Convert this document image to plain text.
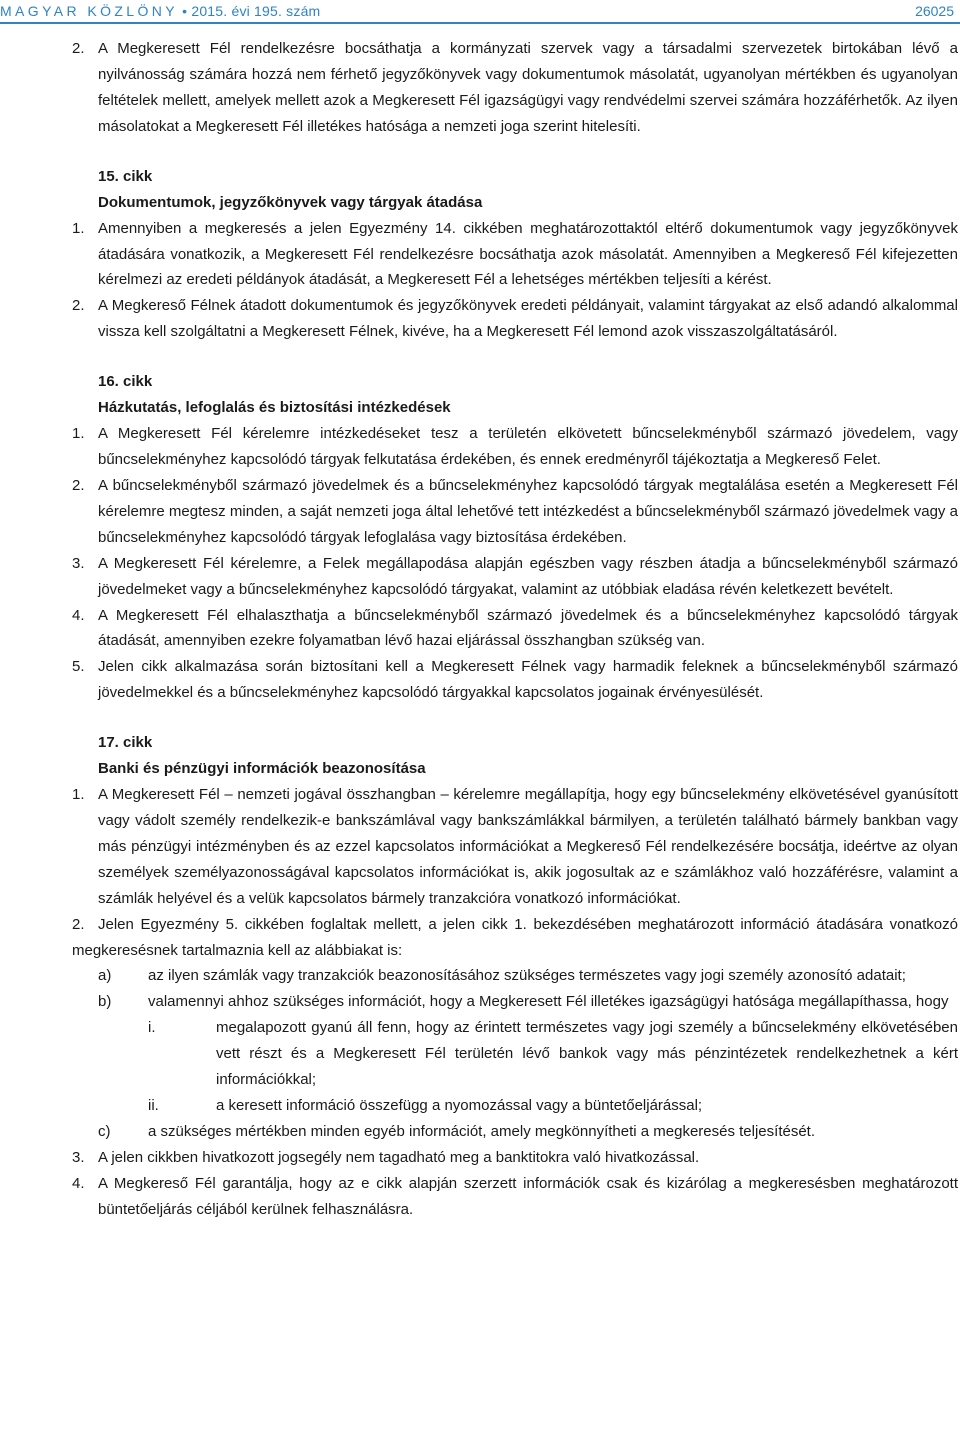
MAGYAR KÖZLÖNY • 2015. évi 195. szám	26025

2. A Megkeresett Fél rendelkezésre bocsáthatja a kormányzati szervek vagy a társadalmi szervezetek birtokában lévő a nyilvánosság számára hozzá nem férhető jegyzőkönyvek vagy dokumentumok másolatát, ugyanolyan mértékben és ugyanolyan feltételek mellett, amelyek mellett azok a Megkeresett Fél igazságügyi vagy rendvédelmi szervei számára hozzáférhetők. Az ilyen másolatokat a Megkeresett Fél illetékes hatósága a nemzeti joga szerint hitelesíti.

15. cikk

Dokumentumok, jegyzőkönyvek vagy tárgyak átadása

1. Amennyiben a megkeresés a jelen Egyezmény 14. cikkében meghatározottaktól eltérő dokumentumok vagy jegyzőkönyvek átadására vonatkozik, a Megkeresett Fél rendelkezésre bocsáthatja azok másolatát. Amennyiben a Megkereső Fél kifejezetten kérelmezi az eredeti példányok átadását, a Megkeresett Fél a lehetséges mértékben teljesíti a kérést.

2. A Megkereső Félnek átadott dokumentumok és jegyzőkönyvek eredeti példányait, valamint tárgyakat az első adandó alkalommal vissza kell szolgáltatni a Megkeresett Félnek, kivéve, ha a Megkeresett Fél lemond azok visszaszolgáltatásáról.

16. cikk

Házkutatás, lefoglalás és biztosítási intézkedések

1. A Megkeresett Fél kérelemre intézkedéseket tesz a területén elkövetett bűncselekményből származó jövedelem, vagy bűncselekményhez kapcsolódó tárgyak felkutatása érdekében, és ennek eredményről tájékoztatja a Megkereső Felet.

2. A bűncselekményből származó jövedelmek és a bűncselekményhez kapcsolódó tárgyak megtalálása esetén a Megkeresett Fél kérelemre megtesz minden, a saját nemzeti joga által lehetővé tett intézkedést a bűncselekményből származó jövedelmek vagy a bűncselekményhez kapcsolódó tárgyak lefoglalása vagy biztosítása érdekében.

3. A Megkeresett Fél kérelemre, a Felek megállapodása alapján egészben vagy részben átadja a bűncselekményből származó jövedelmeket vagy a bűncselekményhez kapcsolódó tárgyakat, valamint az utóbbiak eladása révén keletkezett bevételt.

4. A Megkeresett Fél elhalaszthatja a bűncselekményből származó jövedelmek és a bűncselekményhez kapcsolódó tárgyak átadását, amennyiben ezekre folyamatban lévő hazai eljárással összhangban szükség van.

5. Jelen cikk alkalmazása során biztosítani kell a Megkeresett Félnek vagy harmadik feleknek a bűncselekményből származó jövedelmekkel és a bűncselekményhez kapcsolódó tárgyakkal kapcsolatos jogainak érvényesülését.

17. cikk

Banki és pénzügyi információk beazonosítása

1. A Megkeresett Fél – nemzeti jogával összhangban – kérelemre megállapítja, hogy egy bűncselekmény elkövetésével gyanúsított vagy vádolt személy rendelkezik-e bankszámlával vagy bankszámlákkal bármilyen, a területén található bármely bankban vagy más pénzügyi intézményben és az ezzel kapcsolatos információkat a Megkereső Fél rendelkezésére bocsátja, ideértve az olyan személyek személyazonosságával kapcsolatos információkat is, akik jogosultak az e számlákhoz való hozzáférésre, valamint a számlák helyével és a velük kapcsolatos bármely tranzakcióra vonatkozó információkat.

2. Jelen Egyezmény 5. cikkében foglaltak mellett, a jelen cikk 1. bekezdésében meghatározott információ átadására vonatkozó megkeresésnek tartalmaznia kell az alábbiakat is:

a) az ilyen számlák vagy tranzakciók beazonosításához szükséges természetes vagy jogi személy azonosító adatait;

b) valamennyi ahhoz szükséges információt, hogy a Megkeresett Fél illetékes igazságügyi hatósága megállapíthassa, hogy

i.	megalapozott gyanú áll fenn, hogy az érintett természetes vagy jogi személy a bűncselekmény elkövetésében vett részt és a Megkeresett Fél területén lévő bankok vagy más pénzintézetek rendelkezhetnek a kért információkkal;

ii.	a keresett információ összefügg a nyomozással vagy a büntetőeljárással;

c)	a szükséges mértékben minden egyéb információt, amely megkönnyítheti a megkeresés teljesítését.

3. A jelen cikkben hivatkozott jogsegély nem tagadható meg a banktitokra való hivatkozással.

4. A Megkereső Fél garantálja, hogy az e cikk alapján szerzett információk csak és kizárólag a megkeresésben meghatározott büntetőeljárás céljából kerülnek felhasználásra.
